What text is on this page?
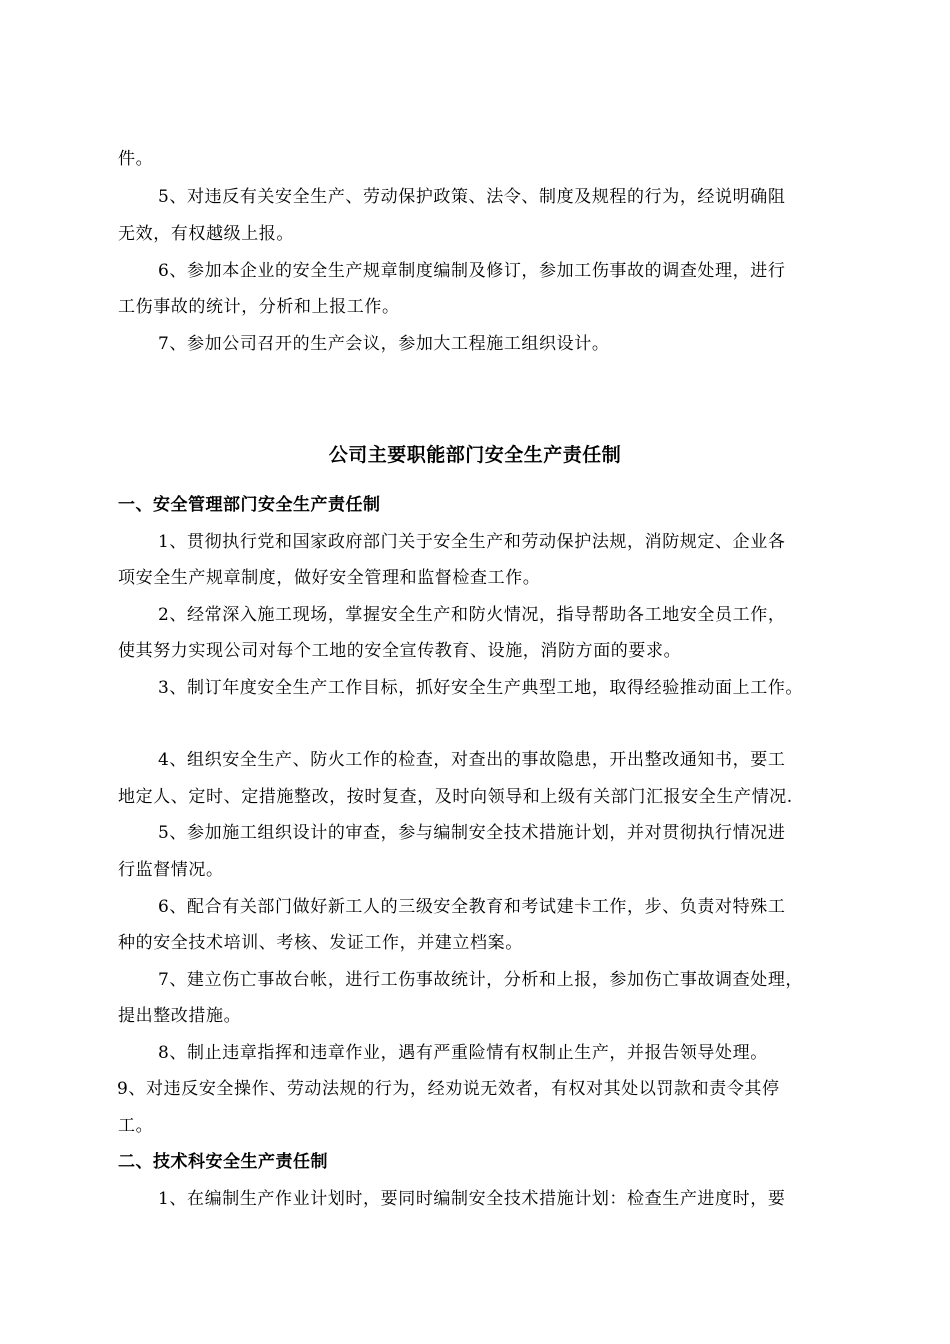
件。
5、对违反有关安全生产、劳动保护政策、法令、制度及规程的行为，经说明确阻
无效，有权越级上报。
6、参加本企业的安全生产规章制度编制及修订，参加工伤事故的调查处理，进行
工伤事故的统计，分析和上报工作。
7、参加公司召开的生产会议，参加大工程施工组织设计。
公司主要职能部门安全生产责任制
一、安全管理部门安全生产责任制
1、贯彻执行党和国家政府部门关于安全生产和劳动保护法规，消防规定、企业各
项安全生产规章制度，做好安全管理和监督检查工作。
2、经常深入施工现场，掌握安全生产和防火情况，指导帮助各工地安全员工作，
使其努力实现公司对每个工地的安全宣传教育、设施，消防方面的要求。
3、制订年度安全生产工作目标，抓好安全生产典型工地，取得经验推动面上工作。
4、组织安全生产、防火工作的检查，对查出的事故隐患，开出整改通知书，要工
地定人、定时、定措施整改，按时复查，及时向领导和上级有关部门汇报安全生产情况.
5、参加施工组织设计的审查，参与编制安全技术措施计划，并对贯彻执行情况进
行监督情况。
6、配合有关部门做好新工人的三级安全教育和考试建卡工作，步、负责对特殊工
种的安全技术培训、考核、发证工作，并建立档案。
7、建立伤亡事故台帐，进行工伤事故统计，分析和上报，参加伤亡事故调查处理，
提出整改措施。
8、制止违章指挥和违章作业，遇有严重险情有权制止生产，并报告领导处理。
9、对违反安全操作、劳动法规的行为，经劝说无效者，有权对其处以罚款和责令其停
工。
二、技术科安全生产责任制
1、在编制生产作业计划时，要同时编制安全技术措施计划：检查生产进度时，要
